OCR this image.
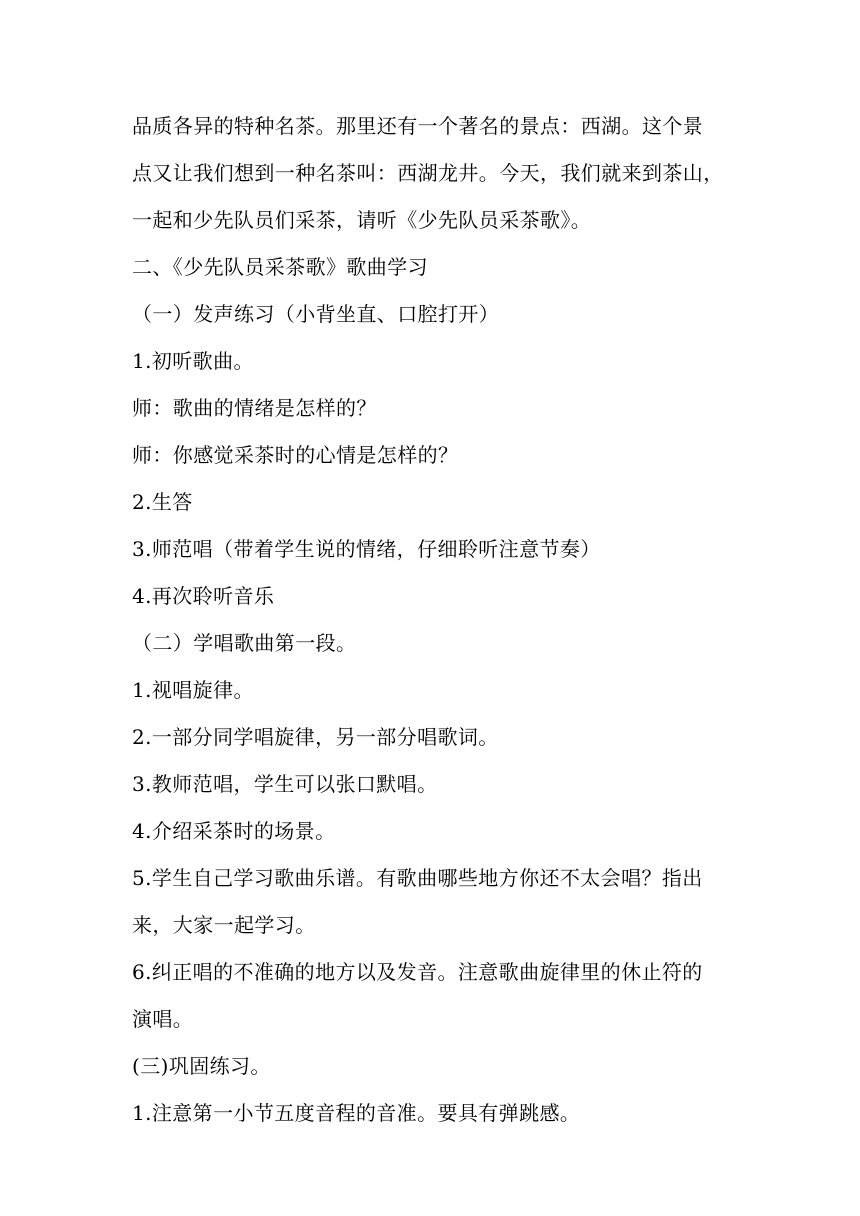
品质各异的特种名茶。那里还有一个著名的景点：西湖。这个景
点又让我们想到一种名茶叫：西湖龙井。今天，我们就来到茶山，
一起和少先队员们采茶，请听《少先队员采茶歌》。
二、《少先队员采茶歌》歌曲学习
（一）发声练习（小背坐直、口腔打开）
1.初听歌曲。
师：歌曲的情绪是怎样的？
师：你感觉采茶时的心情是怎样的？
2.生答
3.师范唱（带着学生说的情绪，仔细聆听注意节奏）
4.再次聆听音乐
（二）学唱歌曲第一段。
1.视唱旋律。
2.一部分同学唱旋律，另一部分唱歌词。
3.教师范唱，学生可以张口默唱。
4.介绍采茶时的场景。
5.学生自己学习歌曲乐谱。有歌曲哪些地方你还不太会唱？指出
来，大家一起学习。
6.纠正唱的不准确的地方以及发音。注意歌曲旋律里的休止符的
演唱。
(三)巩固练习。
1.注意第一小节五度音程的音准。要具有弹跳感。
